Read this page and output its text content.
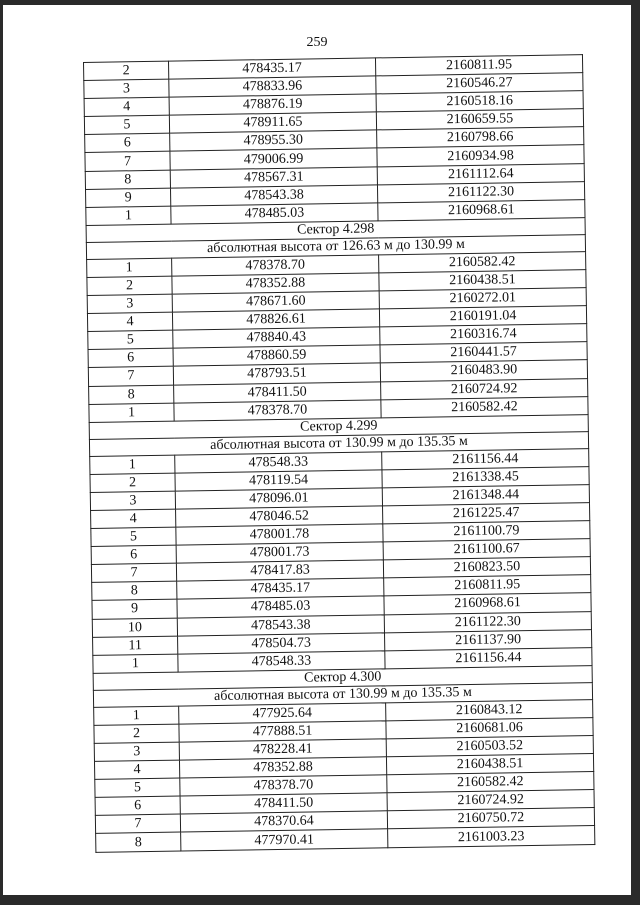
259
2	478435.17	2160811.95
3	478833.96	2160546.27
4	478876.19	2160518.16
5	478911.65	2160659.55
6	478955.30	2160798.66
7	479006.99	2160934.98
8	478567.31	2161112.64
9	478543.38	2161122.30
1	478485.03	2160968.61
Сектор 4.298		
абсолютная высота от 126.63 м до 130.99 м		
1	478378.70	2160582.42
2	478352.88	2160438.51
3	478671.60	2160272.01
4	478826.61	2160191.04
5	478840.43	2160316.74
6	478860.59	2160441.57
7	478793.51	2160483.90
8	478411.50	2160724.92
1	478378.70	2160582.42
Сектор 4.299		
абсолютная высота от 130.99 м до 135.35 м		
1	478548.33	2161156.44
2	478119.54	2161338.45
3	478096.01	2161348.44
4	478046.52	2161225.47
5	478001.78	2161100.79
6	478001.73	2161100.67
7	478417.83	2160823.50
8	478435.17	2160811.95
9	478485.03	2160968.61
10	478543.38	2161122.30
11	478504.73	2161137.90
1	478548.33	2161156.44
Сектор 4.300		
абсолютная высота от 130.99 м до 135.35 м		
1	477925.64	2160843.12
2	477888.51	2160681.06
3	478228.41	2160503.52
4	478352.88	2160438.51
5	478378.70	2160582.42
6	478411.50	2160724.92
7	478370.64	2160750.72
8	477970.41	2161003.23
